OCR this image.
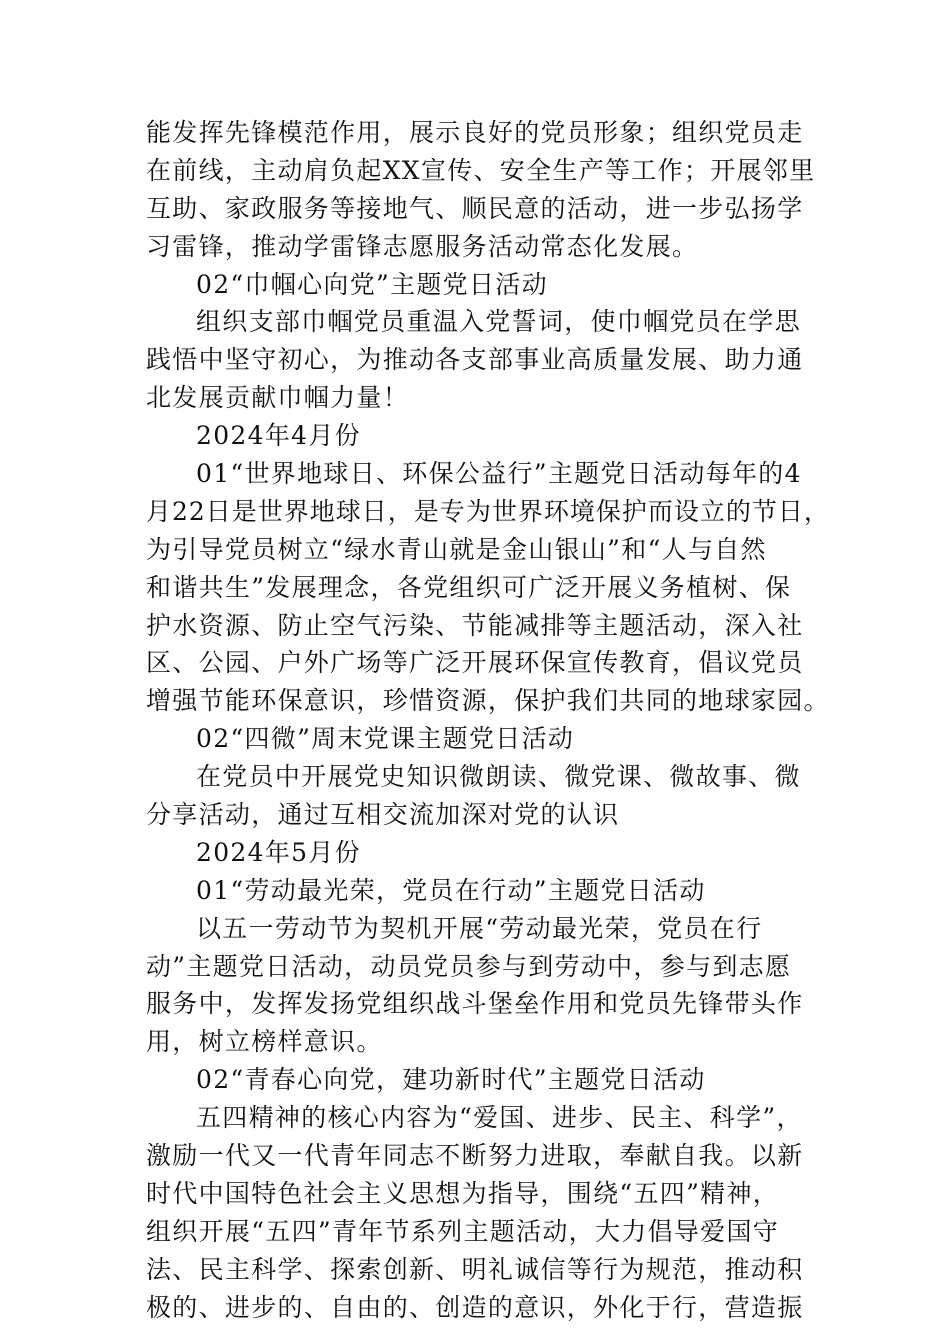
能发挥先锋模范作用，展示良好的党员形象；组织党员走
在前线，主动肩负起XX宣传、安全生产等工作；开展邻里
互助、家政服务等接地气、顺民意的活动，进一步弘扬学
习雷锋，推动学雷锋志愿服务活动常态化发展。
02“巾帼心向党”主题党日活动
组织支部巾帼党员重温入党誓词，使巾帼党员在学思
践悟中坚守初心，为推动各支部事业高质量发展、助力通
北发展贡献巾帼力量！
2024年4月份
01“世界地球日、环保公益行”主题党日活动每年的4
月22日是世界地球日，是专为世界环境保护而设立的节日，
为引导党员树立“绿水青山就是金山银山”和“人与自然
和谐共生”发展理念，各党组织可广泛开展义务植树、保
护水资源、防止空气污染、节能减排等主题活动，深入社
区、公园、户外广场等广泛开展环保宣传教育，倡议党员
增强节能环保意识，珍惜资源，保护我们共同的地球家园。
02“四微”周末党课主题党日活动
在党员中开展党史知识微朗读、微党课、微故事、微
分享活动，通过互相交流加深对党的认识
2024年5月份
01“劳动最光荣，党员在行动”主题党日活动
以五一劳动节为契机开展“劳动最光荣，党员在行
动”主题党日活动，动员党员参与到劳动中，参与到志愿
服务中，发挥发扬党组织战斗堡垒作用和党员先锋带头作
用，树立榜样意识。
02“青春心向党，建功新时代”主题党日活动
五四精神的核心内容为“爱国、进步、民主、科学”，
激励一代又一代青年同志不断努力进取，奉献自我。以新
时代中国特色社会主义思想为指导，围绕“五四”精神，
组织开展“五四”青年节系列主题活动，大力倡导爱国守
法、民主科学、探索创新、明礼诚信等行为规范，推动积
极的、进步的、自由的、创造的意识，外化于行，营造振
